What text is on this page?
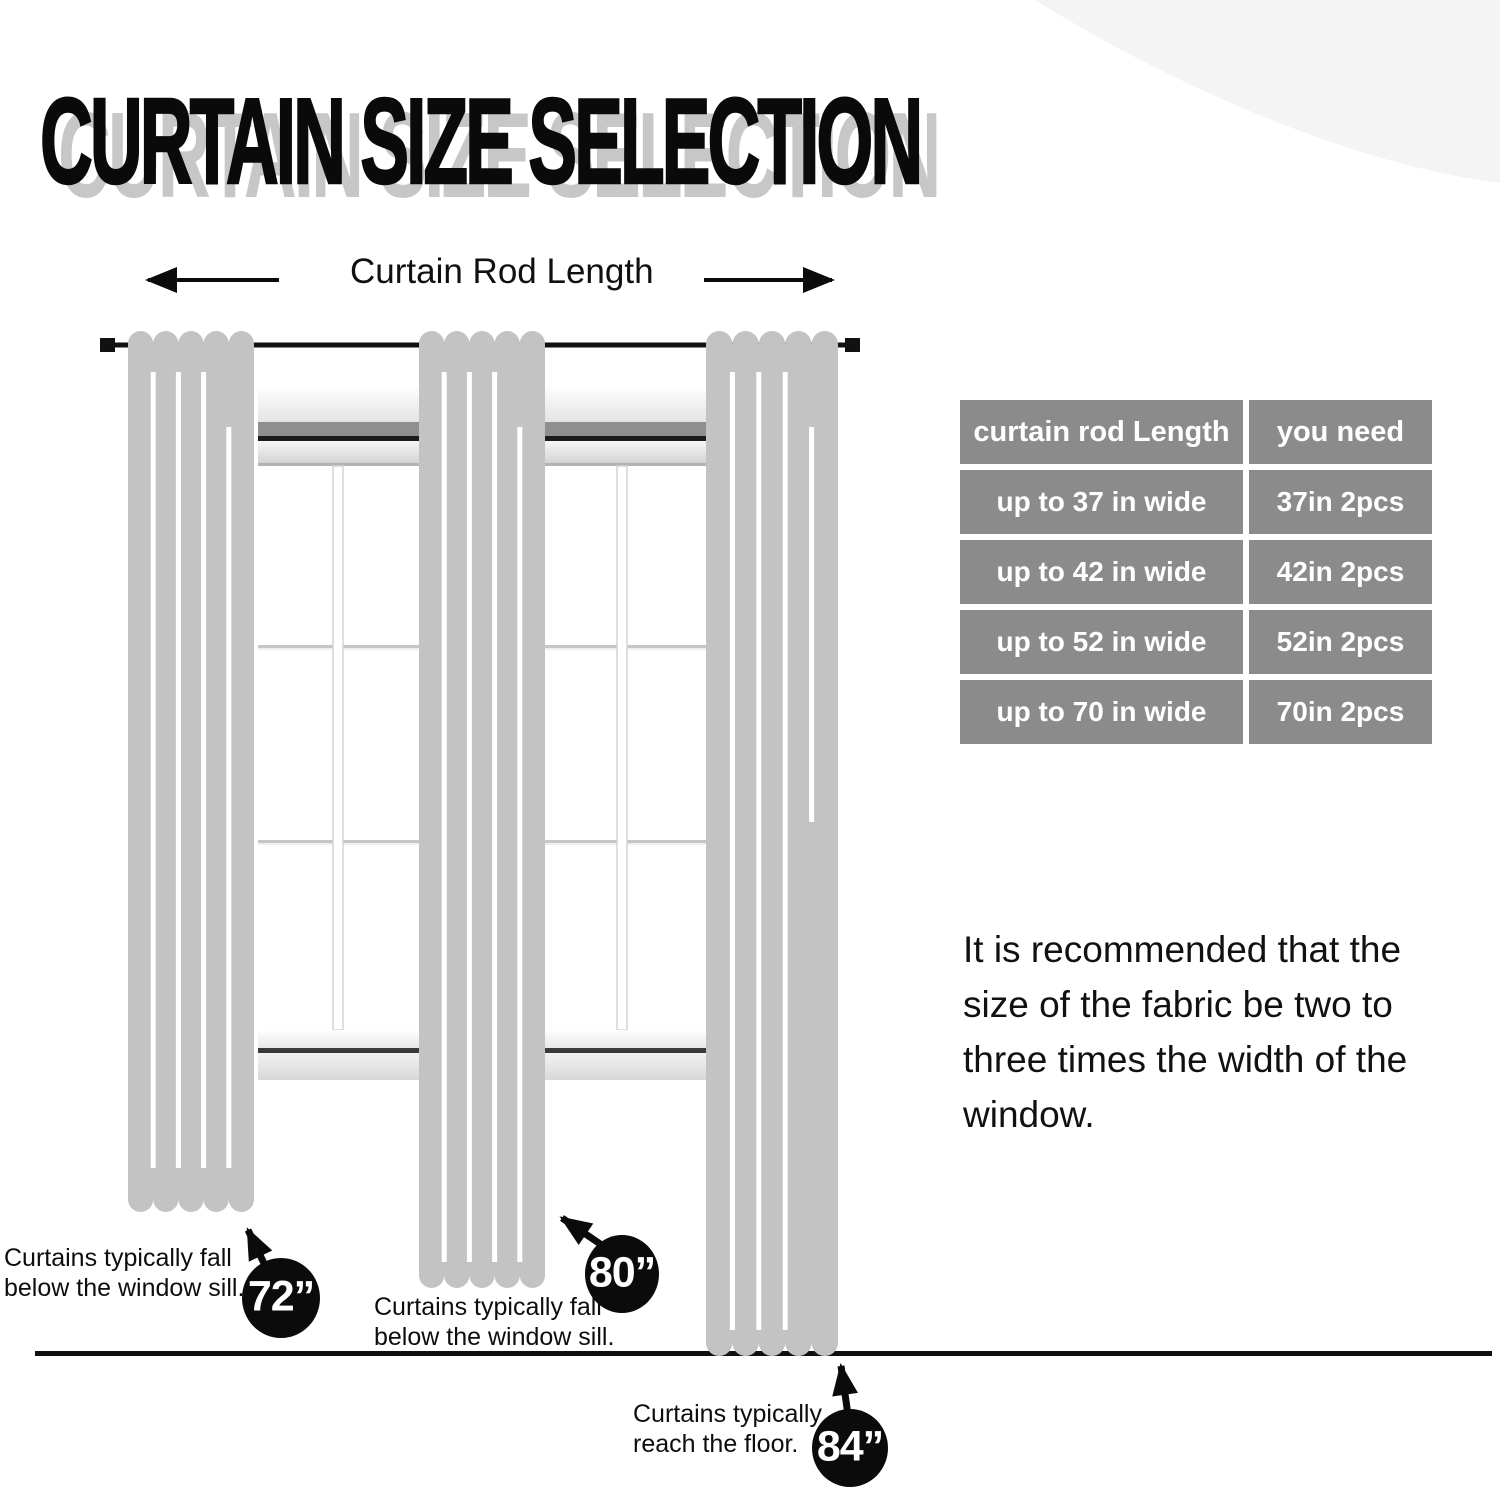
CURTAIN SIZE SELECTION
Curtain Rod Length
curtain rod Length	you need
up to 37 in wide	37in 2pcs
up to 42 in wide	42in 2pcs
up to 52 in wide	52in 2pcs
up to 70 in wide	70in 2pcs

It is recommended that the size of the fabric be two to three times the width of the window.

Curtains typically fall
below the window sill.
Curtains typically fall
below the window sill.
Curtains typically
reach the floor.
72”	80”
84”
